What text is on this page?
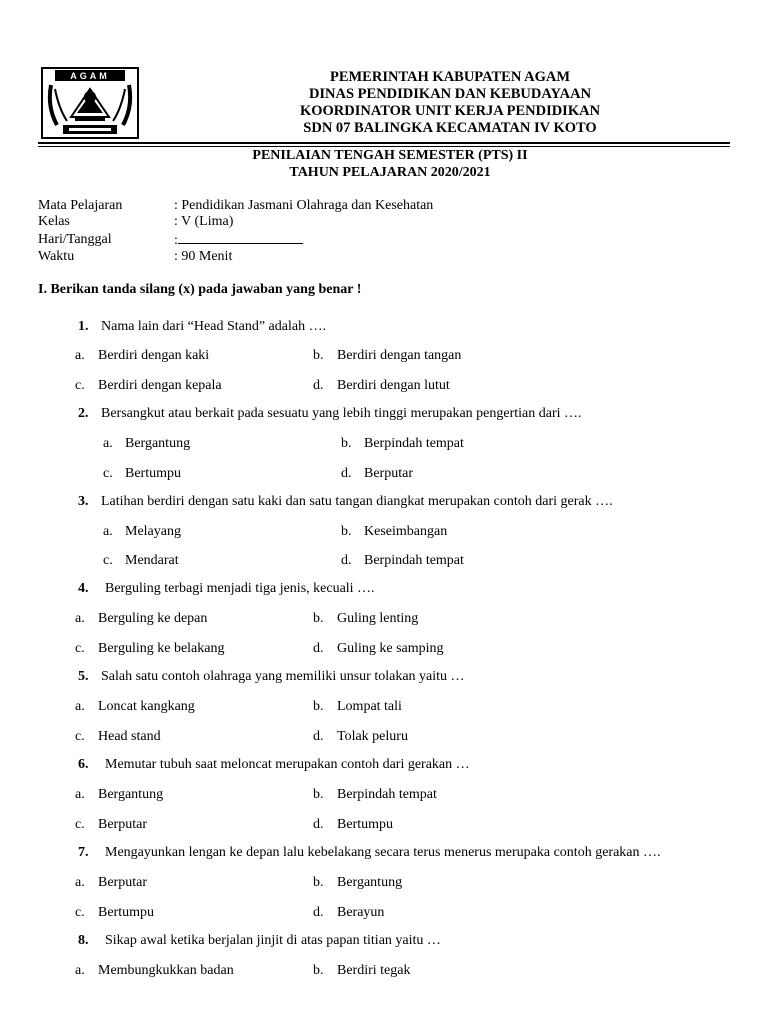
AGAM	PEMERINTAH KABUPATEN AGAM
DINAS PENDIDIKAN DAN KEBUDAYAAN
KOORDINATOR UNIT KERJA PENDIDIKAN
SDN 07 BALINGKA KECAMATAN IV KOTO
PENILAIAN TENGAH SEMESTER (PTS) II
TAHUN PELAJARAN 2020/2021
Mata Pelajaran	: Pendidikan Jasmani Olahraga dan Kesehatan
Kelas	: V (Lima)
Hari/Tanggal	:
Waktu	: 90 Menit
I. Berikan tanda silang (x) pada jawaban yang benar !
1. Nama lain dari “Head Stand” adalah ….
a. Berdiri dengan kaki	b. Berdiri dengan tangan
c. Berdiri dengan kepala	d. Berdiri dengan lutut
2. Bersangkut atau berkait pada sesuatu yang lebih tinggi merupakan pengertian dari ….
a. Bergantung	b. Berpindah tempat
c. Bertumpu	d. Berputar
3. Latihan berdiri dengan satu kaki dan satu tangan diangkat merupakan contoh dari gerak ….
a. Melayang	b. Keseimbangan
c. Mendarat	d. Berpindah tempat
4. Berguling terbagi menjadi tiga jenis, kecuali ….
a. Berguling ke depan	b. Guling lenting
c. Berguling ke belakang	d. Guling ke samping
5. Salah satu contoh olahraga yang memiliki unsur tolakan yaitu …
a. Loncat kangkang	b. Lompat tali
c. Head stand	d. Tolak peluru
6. Memutar tubuh saat meloncat merupakan contoh dari gerakan …
a. Bergantung	b. Berpindah tempat
c. Berputar	d. Bertumpu
7. Mengayunkan lengan ke depan lalu kebelakang secara terus menerus merupaka contoh gerakan ….
a. Berputar	b. Bergantung
c. Bertumpu	d. Berayun
8. Sikap awal ketika berjalan jinjit di atas papan titian yaitu …
a. Membungkukkan badan	b. Berdiri tegak
